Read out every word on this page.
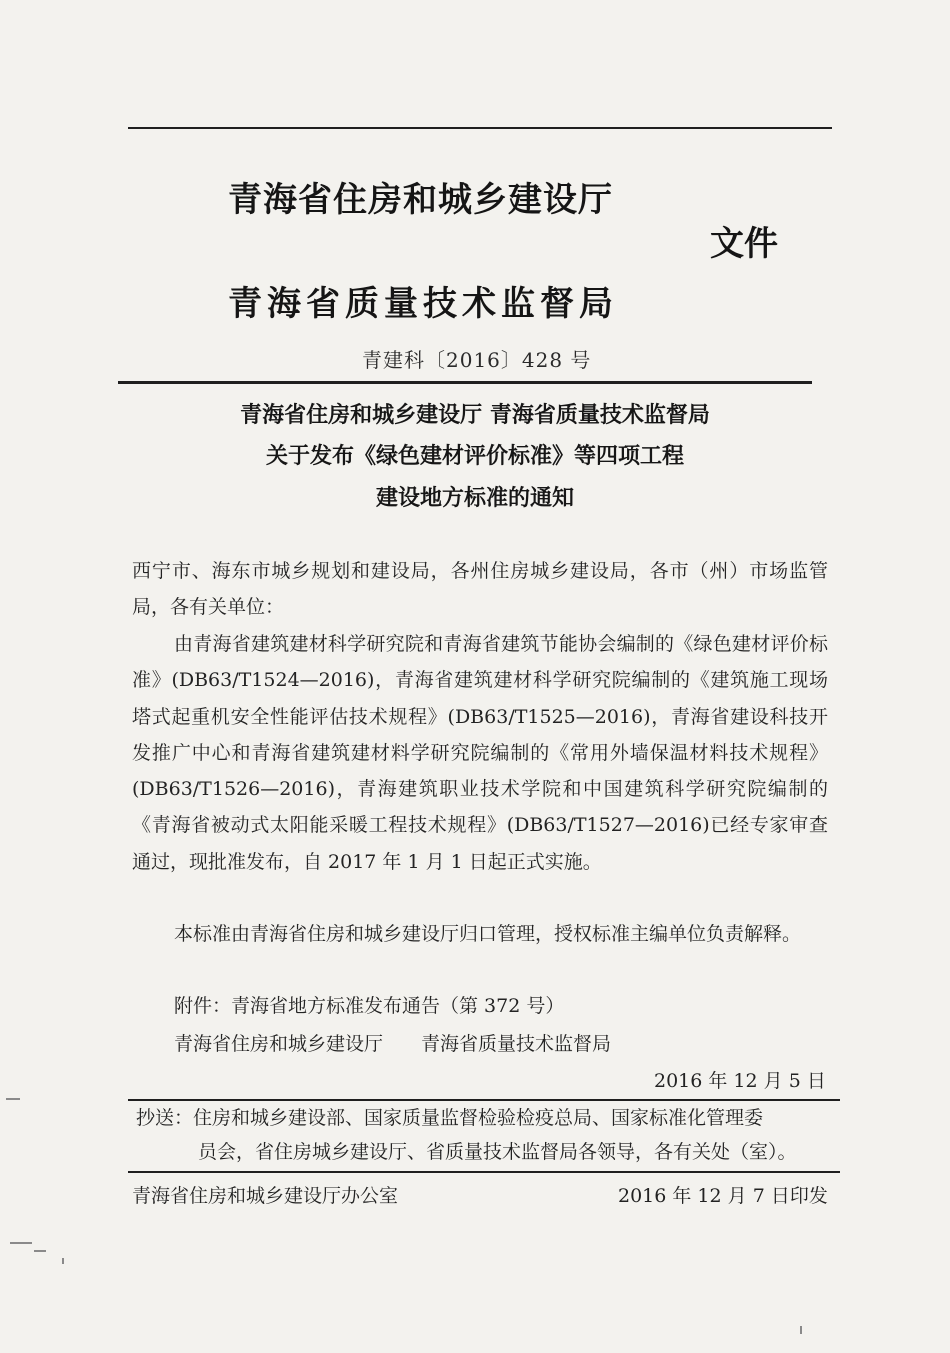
青海省住房和城乡建设厅
文件
青海省质量技术监督局
青建科〔2016〕428 号
青海省住房和城乡建设厅 青海省质量技术监督局
关于发布《绿色建材评价标准》等四项工程
建设地方标准的通知
西宁市、海东市城乡规划和建设局，各州住房城乡建设局，各市（州）市场监管局，各有关单位：
由青海省建筑建材科学研究院和青海省建筑节能协会编制的《绿色建材评价标准》(DB63/T1524—2016)，青海省建筑建材科学研究院编制的《建筑施工现场塔式起重机安全性能评估技术规程》(DB63/T1525—2016)，青海省建设科技开发推广中心和青海省建筑建材料学研究院编制的《常用外墙保温材料技术规程》(DB63/T1526—2016)，青海建筑职业技术学院和中国建筑科学研究院编制的《青海省被动式太阳能采暖工程技术规程》(DB63/T1527—2016)已经专家审查通过，现批准发布，自 2017 年 1 月 1 日起正式实施。
本标准由青海省住房和城乡建设厅归口管理，授权标准主编单位负责解释。
附件：青海省地方标准发布通告（第 372 号）
青海省住房和城乡建设厅　　青海省质量技术监督局
2016 年 12 月 5 日
抄送：住房和城乡建设部、国家质量监督检验检疫总局、国家标准化管理委
员会，省住房城乡建设厅、省质量技术监督局各领导，各有关处（室）。
青海省住房和城乡建设厅办公室	2016 年 12 月 7 日印发
